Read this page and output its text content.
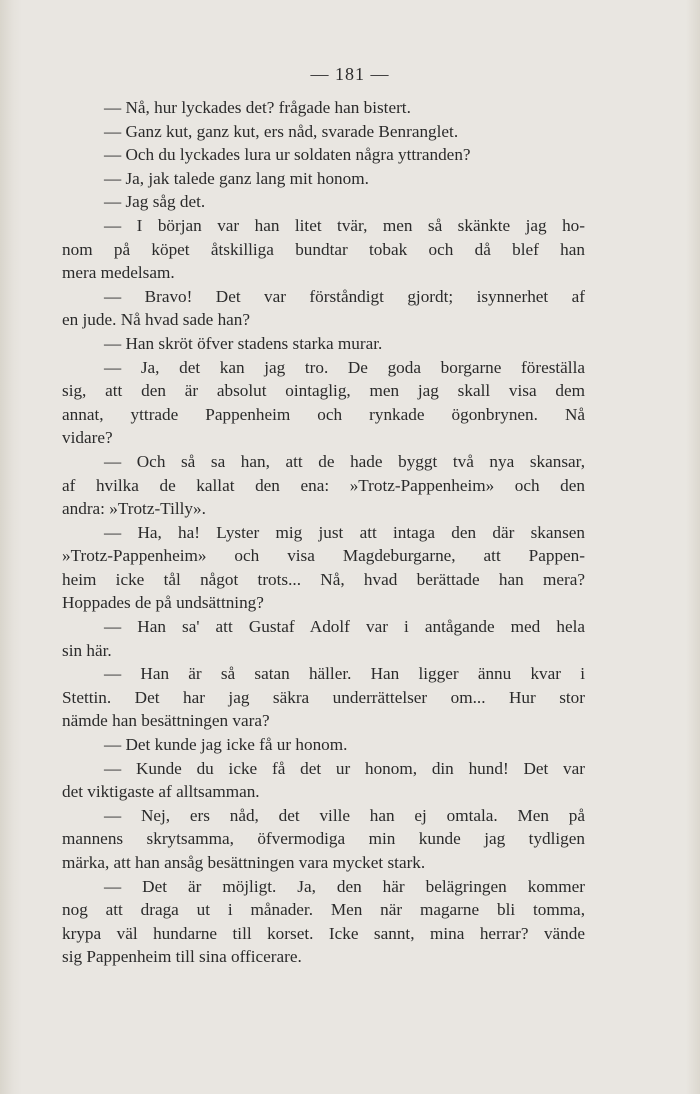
— 181 —
— Nå, hur lyckades det? frågade han bistert.
— Ganz kut, ganz kut, ers nåd, svarade Benranglet.
— Och du lyckades lura ur soldaten några yttranden?
— Ja, jak talede ganz lang mit honom.
— Jag såg det.
— I början var han litet tvär, men så skänkte jag ho-
nom på köpet åtskilliga bundtar tobak och då blef han
mera medelsam.
— Bravo! Det var förståndigt gjordt; isynnerhet af
en jude. Nå hvad sade han?
— Han skröt öfver stadens starka murar.
— Ja, det kan jag tro. De goda borgarne föreställa
sig, att den är absolut ointaglig, men jag skall visa dem
annat, yttrade Pappenheim och rynkade ögonbrynen. Nå
vidare?
— Och så sa han, att de hade byggt två nya skansar,
af hvilka de kallat den ena: »Trotz-Pappenheim» och den
andra: »Trotz-Tilly».
— Ha, ha! Lyster mig just att intaga den där skansen
»Trotz-Pappenheim» och visa Magdeburgarne, att Pappen-
heim icke tål något trots... Nå, hvad berättade han mera?
Hoppades de på undsättning?
— Han sa' att Gustaf Adolf var i antågande med hela
sin här.
— Han är så satan häller. Han ligger ännu kvar i
Stettin. Det har jag säkra underrättelser om... Hur stor
nämde han besättningen vara?
— Det kunde jag icke få ur honom.
— Kunde du icke få det ur honom, din hund! Det var
det viktigaste af alltsamman.
— Nej, ers nåd, det ville han ej omtala. Men på
mannens skrytsamma, öfvermodiga min kunde jag tydligen
märka, att han ansåg besättningen vara mycket stark.
— Det är möjligt. Ja, den här belägringen kommer
nog att draga ut i månader. Men när magarne bli tomma,
krypa väl hundarne till korset. Icke sannt, mina herrar? vände
sig Pappenheim till sina officerare.
